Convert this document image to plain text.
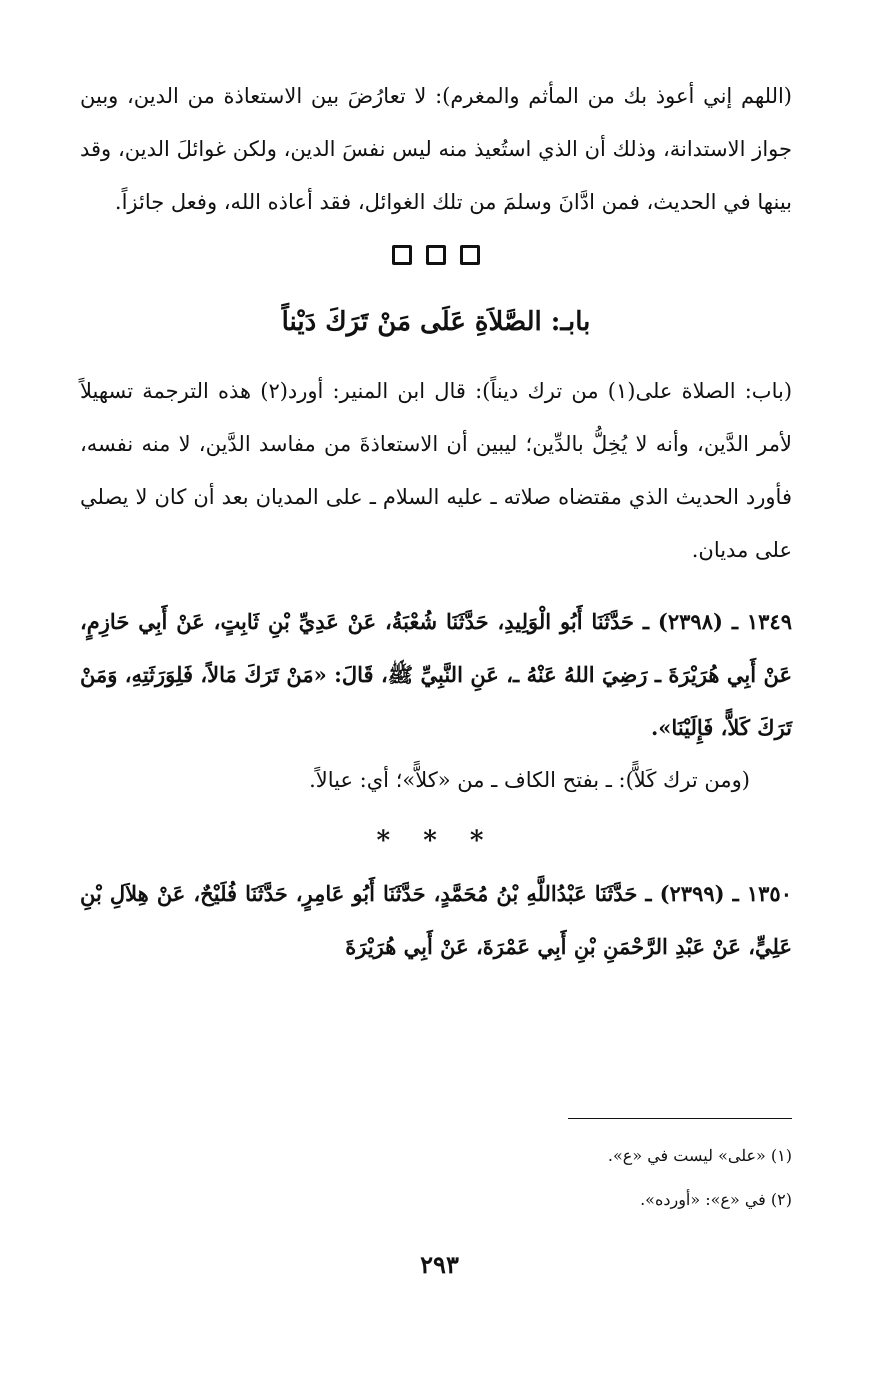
(اللهم إني أعوذ بك من المأثم والمغرم): لا تعارُضَ بين الاستعاذة من الدين، وبين جواز الاستدانة، وذلك أن الذي استُعيذ منه ليس نفسَ الدين، ولكن غوائلَ الدين، وقد بينها في الحديث، فمن ادَّانَ وسلمَ من تلك الغوائل، فقد أعاذه الله، وفعل جائزاً.

بابـ: الصَّلاَةِ عَلَى مَنْ تَرَكَ دَيْناً

(باب: الصلاة على(١) من ترك ديناً): قال ابن المنير: أورد(٢) هذه الترجمة تسهيلاً لأمر الدَّين، وأنه لا يُخِلُّ بالدِّين؛ ليبين أن الاستعاذةَ من مفاسد الدَّين، لا منه نفسه، فأورد الحديث الذي مقتضاه صلاته ـ عليه السلام ـ على المديان بعد أن كان لا يصلي على مديان.

١٣٤٩ ـ (٢٣٩٨) ـ حَدَّثَنَا أَبُو الْوَلِيدِ، حَدَّثَنَا شُعْبَةُ، عَنْ عَدِيِّ بْنِ ثَابِتٍ، عَنْ أَبِي حَازِمٍ، عَنْ أَبِي هُرَيْرَةَ ـ رَضِيَ اللهُ عَنْهُ ـ، عَنِ النَّبِيِّ ﷺ، قَالَ: «مَنْ تَرَكَ مَالاً، فَلِوَرَثَتِهِ، وَمَنْ تَرَكَ كَلاًّ، فَإِلَيْنَا».

(ومن ترك كَلاًّ): ـ بفتح الكاف ـ من «كلاًّ»؛ أي: عيالاً.

* * *

١٣٥٠ ـ (٢٣٩٩) ـ حَدَّثَنَا عَبْدُاللَّهِ بْنُ مُحَمَّدٍ، حَدَّثَنَا أَبُو عَامِرٍ، حَدَّثَنَا فُلَيْحٌ، عَنْ هِلاَلِ بْنِ عَلِيٍّ، عَنْ عَبْدِ الرَّحْمَنِ بْنِ أَبِي عَمْرَةَ، عَنْ أَبِي هُرَيْرَةَ

(١) «على» ليست في «ع».

(٢) في «ع»: «أورده».

٢٩٣
